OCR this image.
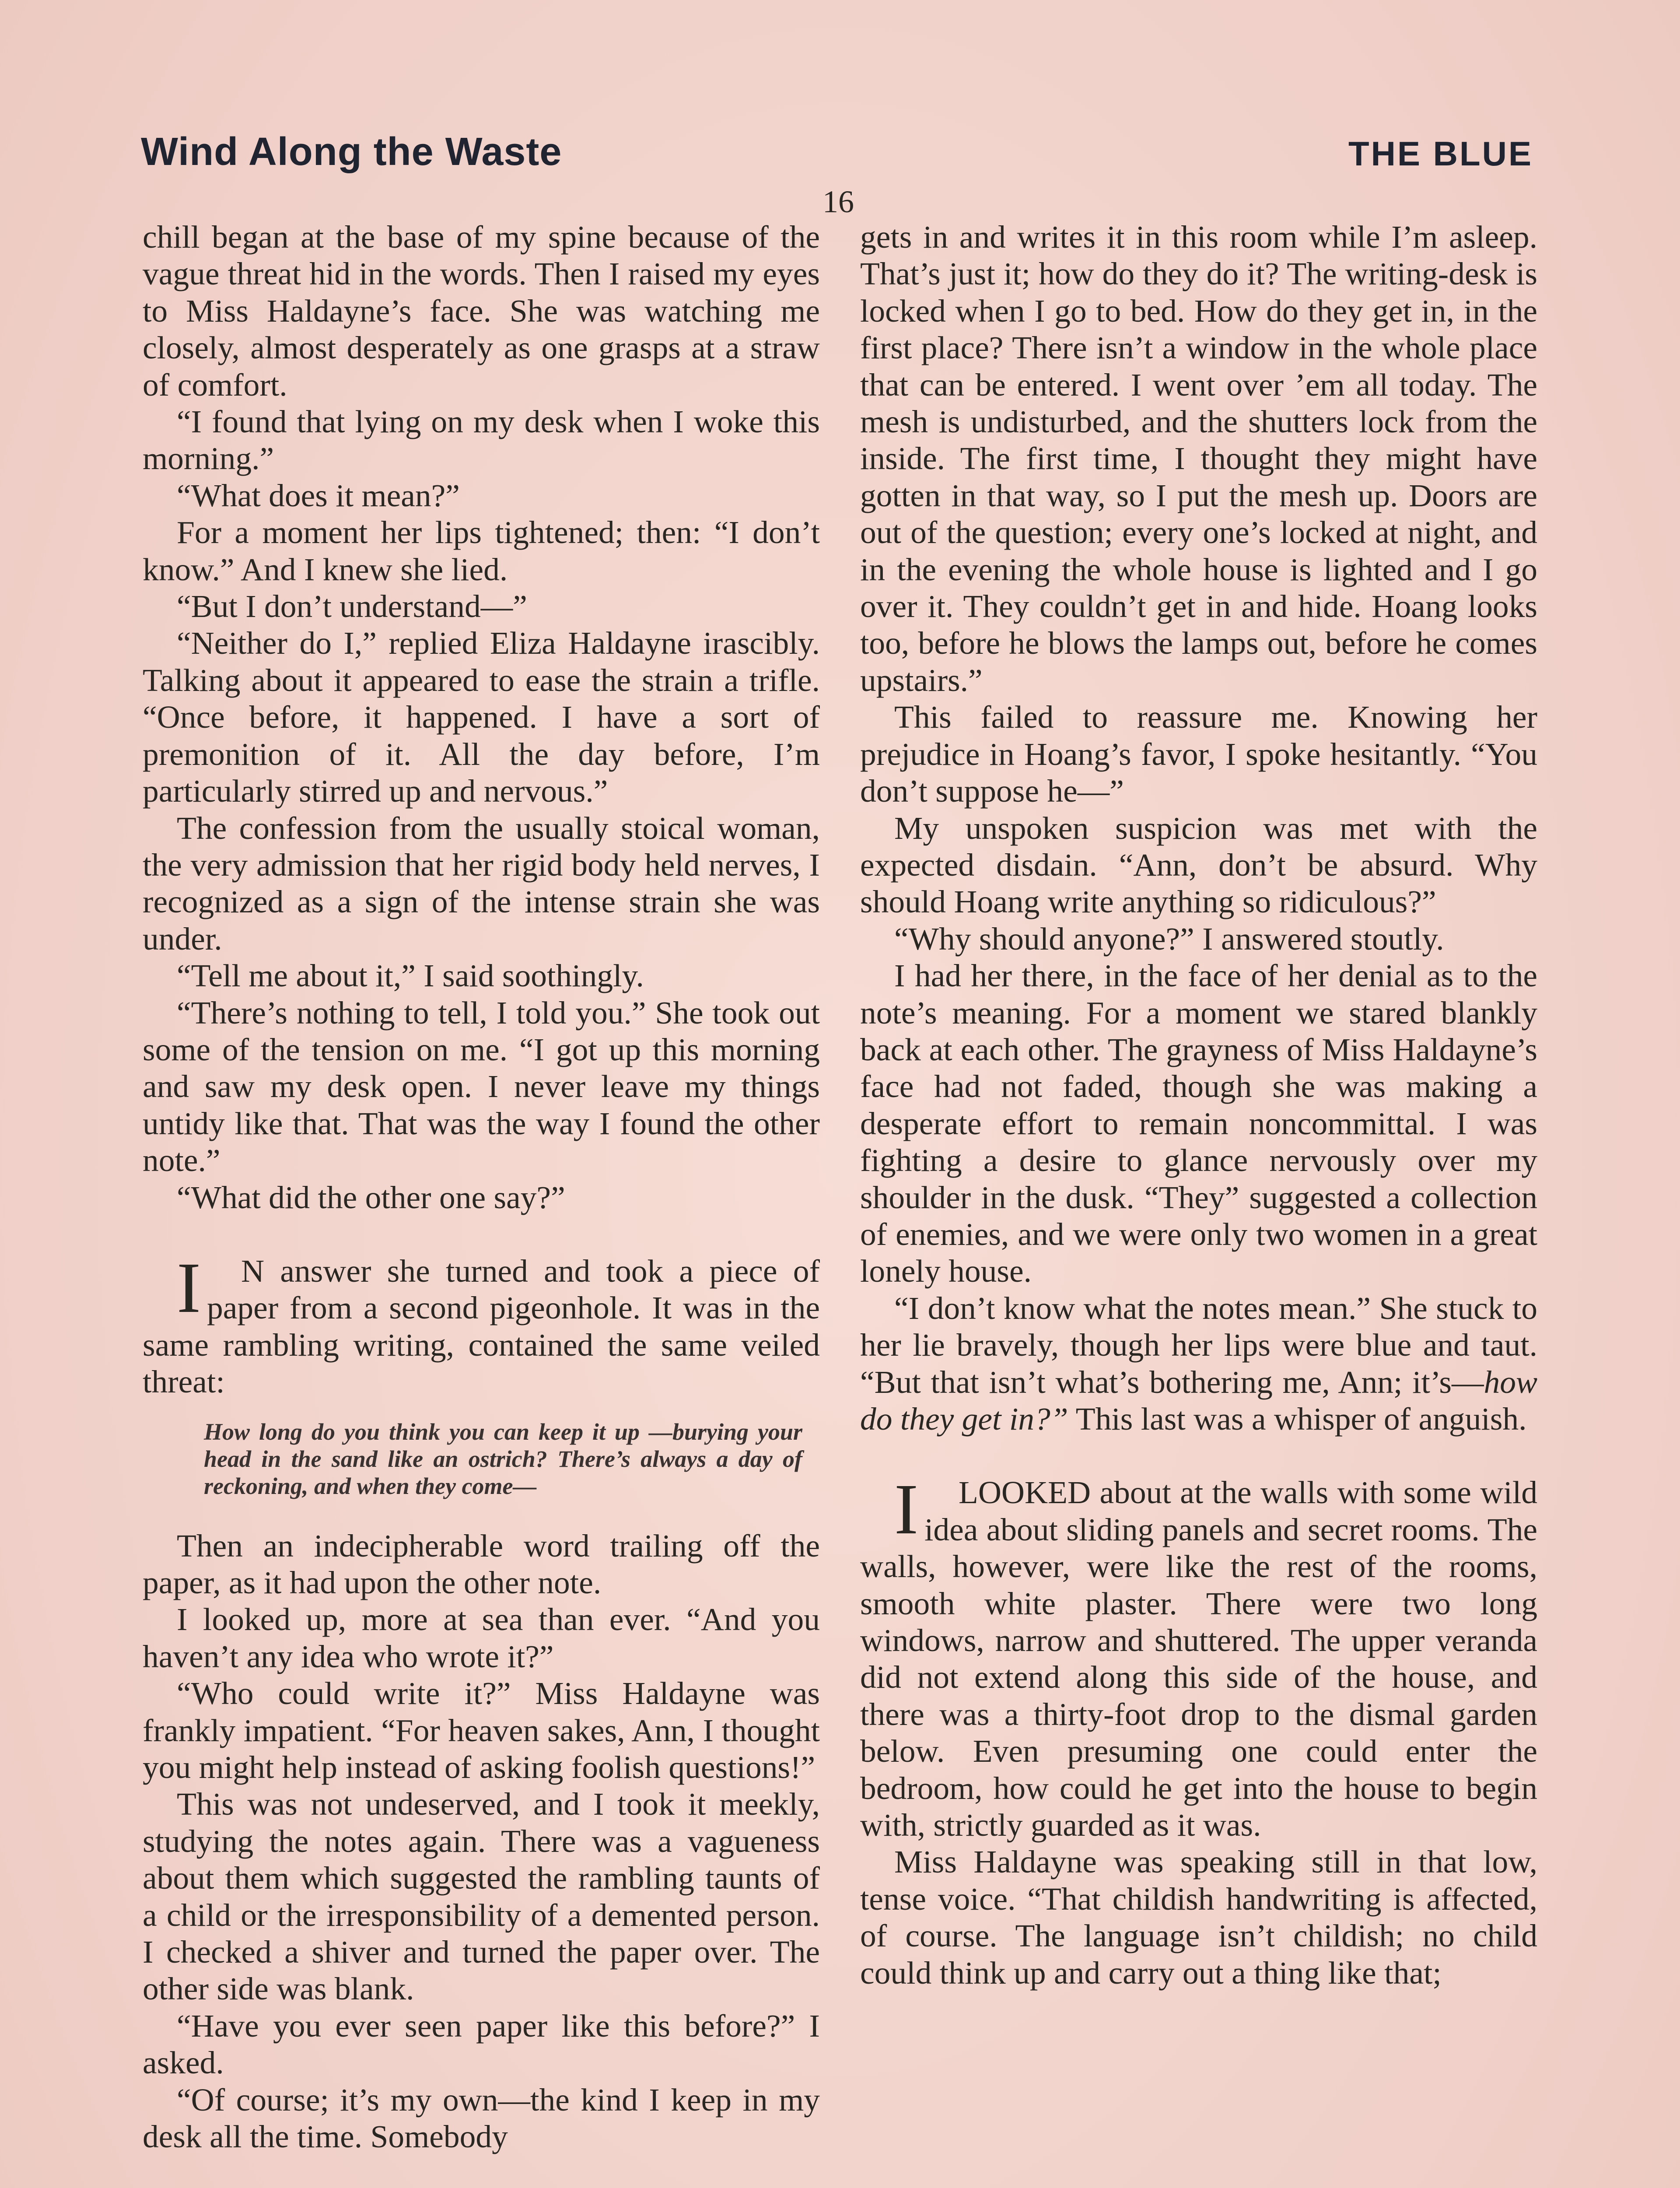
Wind Along the Waste	THE BLUE
16

chill began at the base of my spine because of the vague threat hid in the words. Then I raised my eyes to Miss Haldayne’s face. She was watching me closely, almost desperately as one grasps at a straw of comfort.

“I found that lying on my desk when I woke this morning.”

“What does it mean?”

For a moment her lips tightened; then: “I don’t know.” And I knew she lied.

“But I don’t understand—”

“Neither do I,” replied Eliza Haldayne irascibly. Talking about it appeared to ease the strain a trifle. “Once before, it happened. I have a sort of premonition of it. All the day before, I’m particularly stirred up and nervous.”

The confession from the usually stoical woman, the very admission that her rigid body held nerves, I recognized as a sign of the intense strain she was under.

“Tell me about it,” I said soothingly.

“There’s nothing to tell, I told you.” She took out some of the tension on me. “I got up this morning and saw my desk open. I never leave my things untidy like that. That was the way I found the other note.”

“What did the other one say?”

I N answer she turned and took a piece of paper from a second pigeonhole. It was in the same rambling writing, contained the same veiled threat:

How long do you think you can keep it up —burying your head in the sand like an ostrich? There’s always a day of reckoning, and when they come—

Then an indecipherable word trailing off the paper, as it had upon the other note.

I looked up, more at sea than ever. “And you haven’t any idea who wrote it?”

“Who could write it?” Miss Haldayne was frankly impatient. “For heaven sakes, Ann, I thought you might help instead of asking foolish questions!”

This was not undeserved, and I took it meekly, studying the notes again. There was a vagueness about them which suggested the rambling taunts of a child or the irresponsibility of a demented person. I checked a shiver and turned the paper over. The other side was blank.

“Have you ever seen paper like this before?” I asked.

“Of course; it’s my own—the kind I keep in my desk all the time. Somebody

gets in and writes it in this room while I’m asleep. That’s just it; how do they do it? The writing-desk is locked when I go to bed. How do they get in, in the first place? There isn’t a window in the whole place that can be entered. I went over ’em all today. The mesh is undisturbed, and the shutters lock from the inside. The first time, I thought they might have gotten in that way, so I put the mesh up. Doors are out of the question; every one’s locked at night, and in the evening the whole house is lighted and I go over it. They couldn’t get in and hide. Hoang looks too, before he blows the lamps out, before he comes upstairs.”

This failed to reassure me. Knowing her prejudice in Hoang’s favor, I spoke hesitantly. “You don’t suppose he—”

My unspoken suspicion was met with the expected disdain. “Ann, don’t be absurd. Why should Hoang write anything so ridiculous?”

“Why should anyone?” I answered stoutly.

I had her there, in the face of her denial as to the note’s meaning. For a moment we stared blankly back at each other. The grayness of Miss Haldayne’s face had not faded, though she was making a desperate effort to remain noncommittal. I was fighting a desire to glance nervously over my shoulder in the dusk. “They” suggested a collection of enemies, and we were only two women in a great lonely house.

“I don’t know what the notes mean.” She stuck to her lie bravely, though her lips were blue and taut. “But that isn’t what’s bothering me, Ann; it’s—how do they get in?” This last was a whisper of anguish.

I LOOKED about at the walls with some wild idea about sliding panels and secret rooms. The walls, however, were like the rest of the rooms, smooth white plaster. There were two long windows, narrow and shuttered. The upper veranda did not extend along this side of the house, and there was a thirty-foot drop to the dismal garden below. Even presuming one could enter the bedroom, how could he get into the house to begin with, strictly guarded as it was.

Miss Haldayne was speaking still in that low, tense voice. “That childish handwriting is affected, of course. The language isn’t childish; no child could think up and carry out a thing like that;
